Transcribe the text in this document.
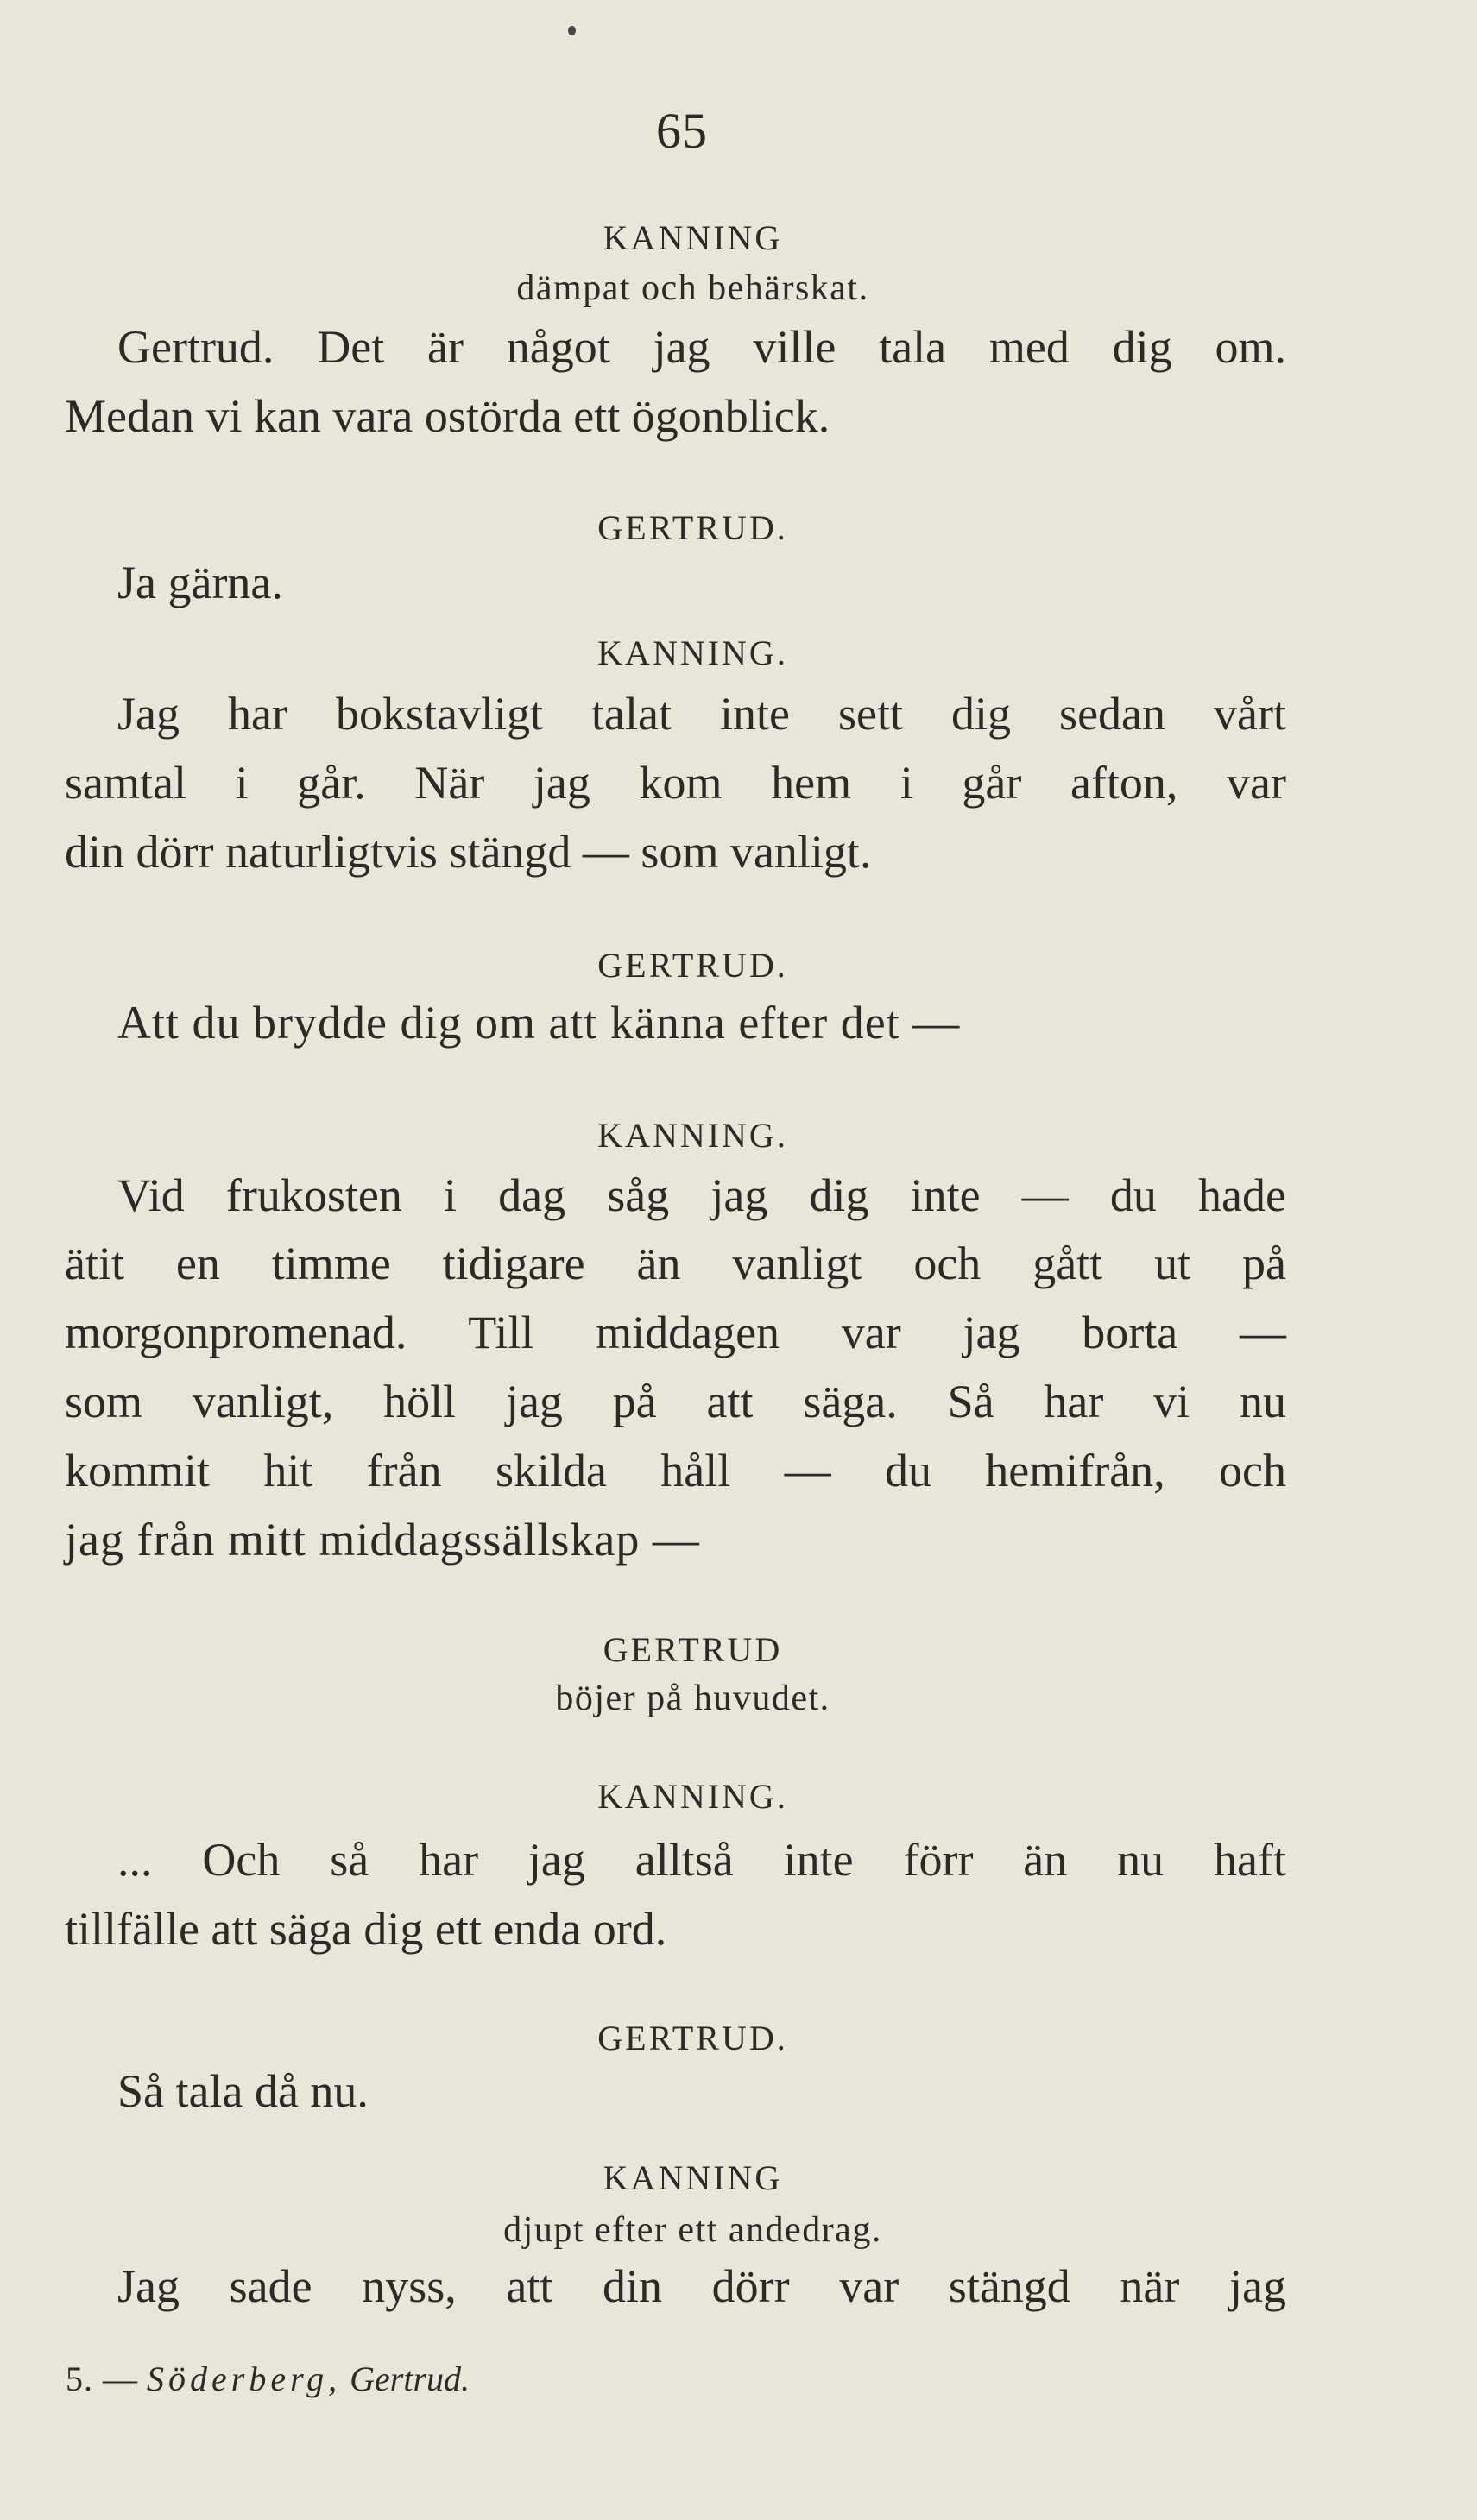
65
KANNING
dämpat och behärskat.
Gertrud. Det är något jag ville tala med dig om.
Medan vi kan vara ostörda ett ögonblick.
GERTRUD.
Ja gärna.
KANNING.
Jag har bokstavligt talat inte sett dig sedan vårt
samtal i går. När jag kom hem i går afton, var
din dörr naturligtvis stängd — som vanligt.
GERTRUD.
Att du brydde dig om att känna efter det —
KANNING.
Vid frukosten i dag såg jag dig inte — du hade
ätit en timme tidigare än vanligt och gått ut på
morgonpromenad. Till middagen var jag borta —
som vanligt, höll jag på att säga. Så har vi nu
kommit hit från skilda håll — du hemifrån, och
jag från mitt middagssällskap —
GERTRUD
böjer på huvudet.
KANNING.
... Och så har jag alltså inte förr än nu haft
tillfälle att säga dig ett enda ord.
GERTRUD.
Så tala då nu.
KANNING
djupt efter ett andedrag.
Jag sade nyss, att din dörr var stängd när jag
5. — Söderberg, Gertrud.
